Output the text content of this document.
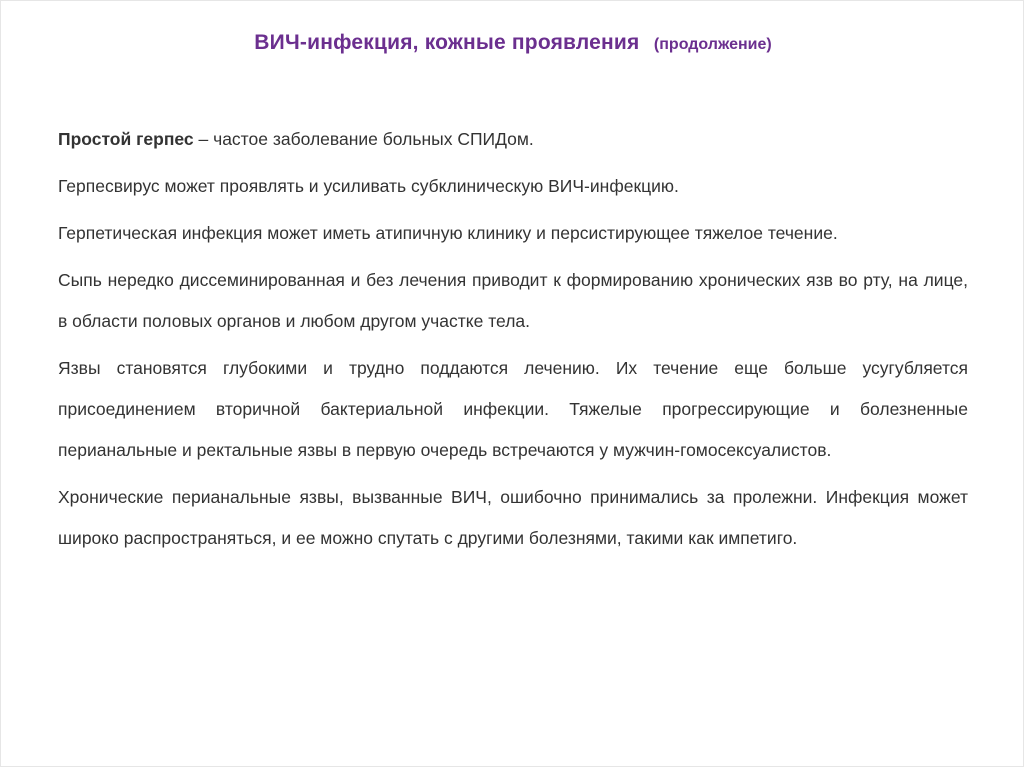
ВИЧ-инфекция, кожные проявления (продолжение)

Простой герпес – частое заболевание больных СПИДом.

Герпесвирус может проявлять и усиливать субклиническую ВИЧ-инфекцию.

Герпетическая инфекция может иметь атипичную клинику и персистирующее тяжелое течение.

Сыпь нередко диссеминированная и без лечения приводит к формированию хронических язв во рту, на лице, в области половых органов и любом другом участке тела.

Язвы становятся глубокими и трудно поддаются лечению. Их течение еще больше усугубляется присоединением вторичной бактериальной инфекции. Тяжелые прогрессирующие и болезненные перианальные и ректальные язвы в первую очередь встречаются у мужчин-гомосексуалистов.

Хронические перианальные язвы, вызванные ВИЧ, ошибочно принимались за пролежни. Инфекция может широко распространяться, и ее можно спутать с другими болезнями, такими как импетиго.
